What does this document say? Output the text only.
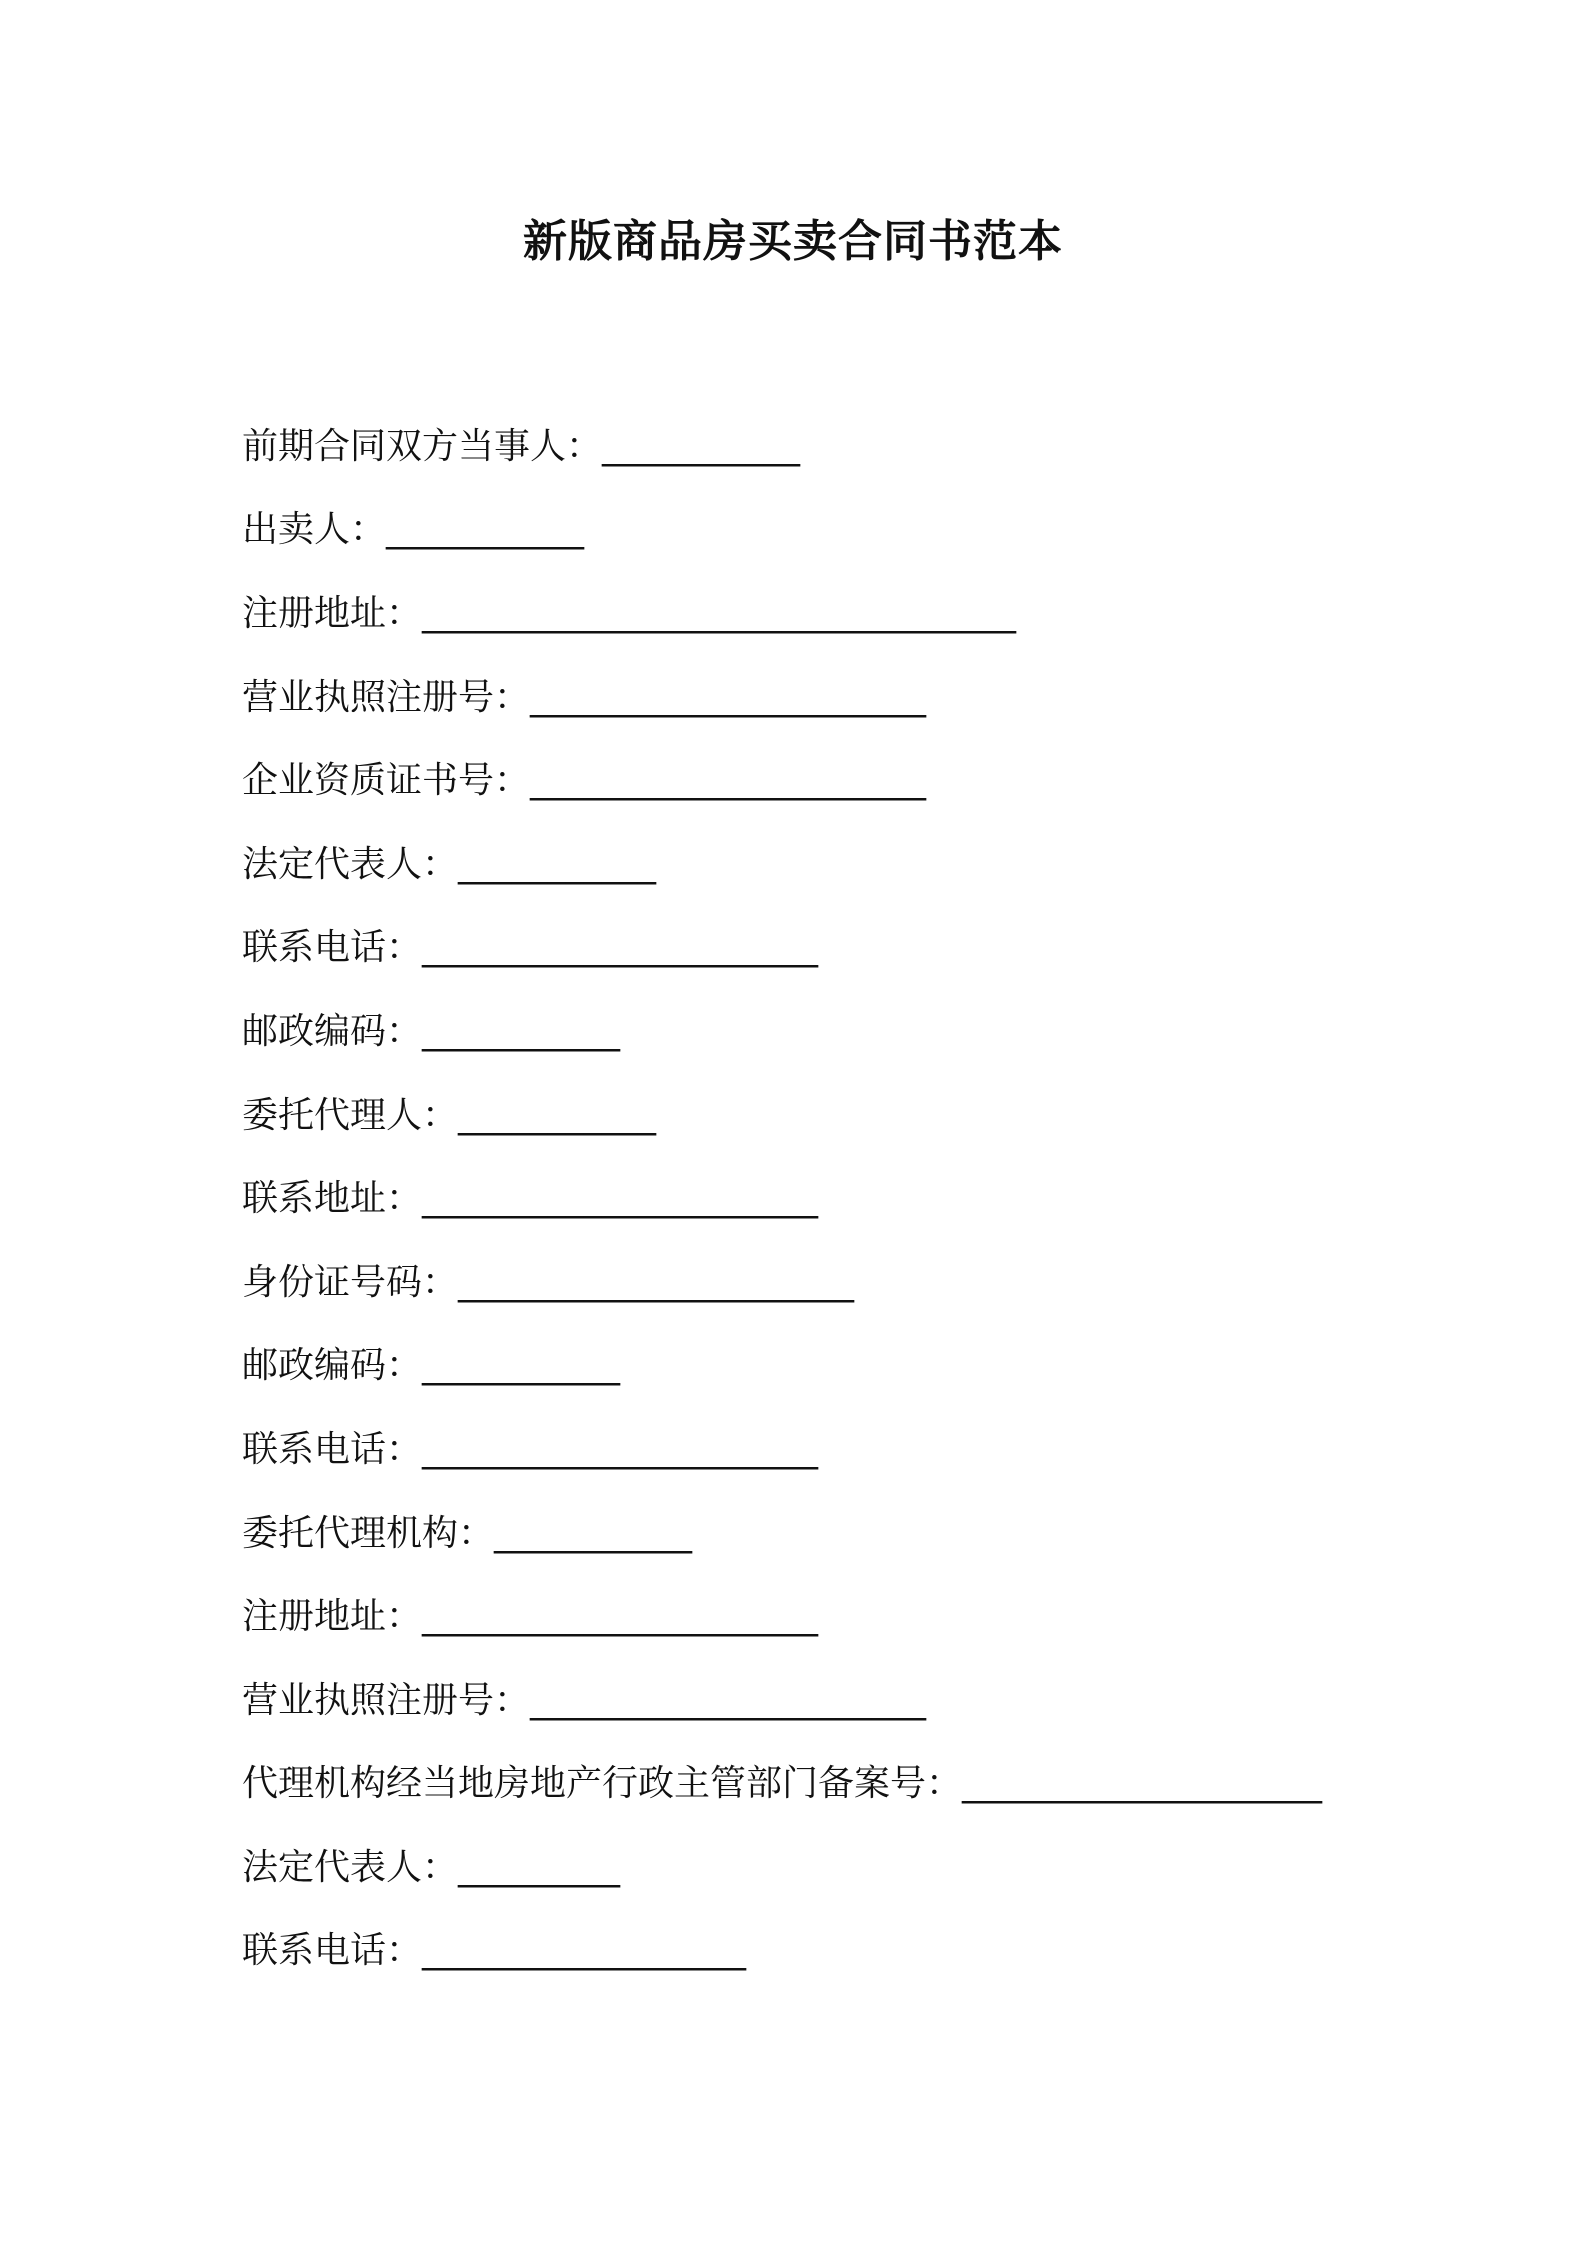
新版商品房买卖合同书范本
前期合同双方当事人： ___________
出卖人： ___________
注册地址： _________________________________
营业执照注册号： ______________________
企业资质证书号： ______________________
法定代表人： ___________
联系电话： ______________________
邮政编码： ___________
委托代理人： ___________
联系地址： ______________________
身份证号码： ______________________
邮政编码： ___________
联系电话： ______________________
委托代理机构： ___________
注册地址： ______________________
营业执照注册号： ______________________
代理机构经当地房地产行政主管部门备案号： ____________________
法定代表人： _________
联系电话： __________________
